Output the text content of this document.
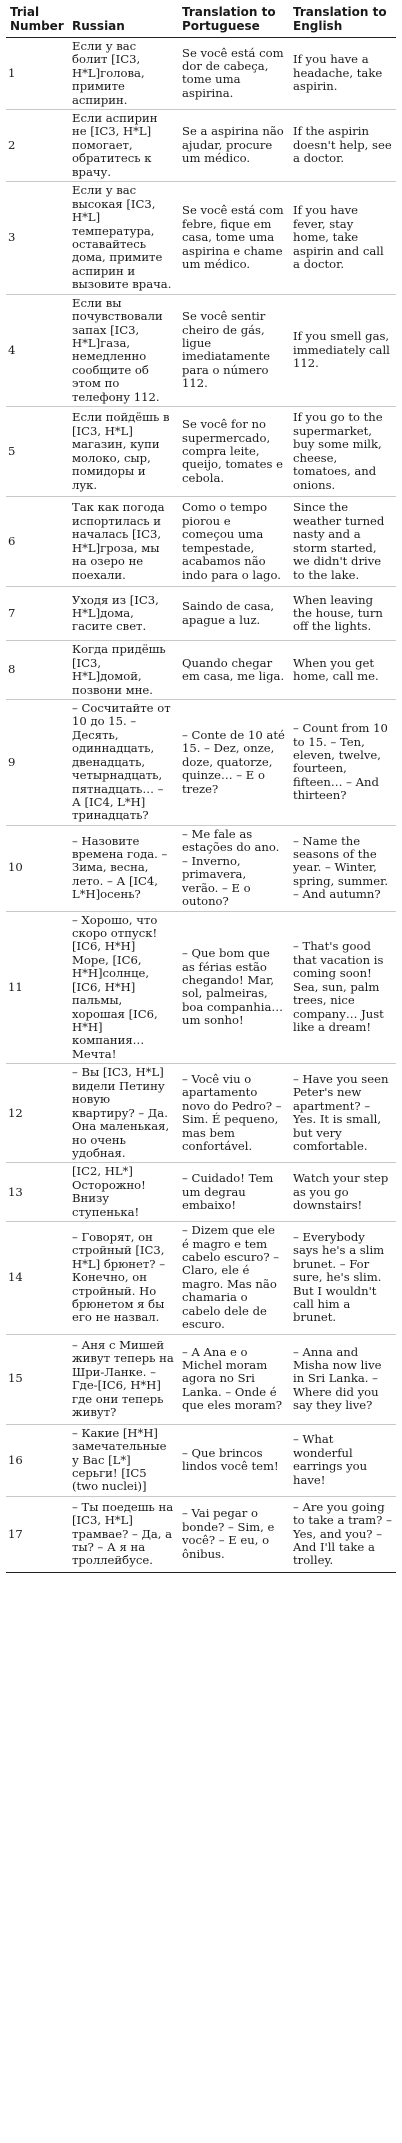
Trial Number	Russian	Translation to Portuguese	Translation to English
1	Если у вас болит [IC3, H*L]голова, примите аспирин.	Se você está com dor de cabeça, tome uma aspirina.	If you have a headache, take aspirin.
2	Если аспирин не [IC3, H*L] помогает, обратитесь к врачу.	Se a aspirina não ajudar, procure um médico.	If the aspirin doesn't help, see a doctor.
3	Если у вас высокая [IC3, H*L] температура, оставайтесь дома, примите аспирин и вызовите врача.	Se você está com febre, fique em casa, tome uma aspirina e chame um médico.	If you have fever, stay home, take aspirin and call a doctor.
4	Если вы почувствовали запах [IC3, H*L]газа, немедленно сообщите об этом по телефону 112.	Se você sentir cheiro de gás, ligue imediatamente para o número 112.	If you smell gas, immediately call 112.
5	Если пойдёшь в [IC3, H*L] магазин, купи молоко, сыр, помидоры и лук.	Se você for no supermercado, compra leite, queijo, tomates e cebola.	If you go to the supermarket, buy some milk, cheese, tomatoes, and onions.
6	Так как погода испортилась и началась [IC3, H*L]гроза, мы на озеро не поехали.	Como o tempo piorou e começou uma tempestade, acabamos não indo para o lago.	Since the weather turned nasty and a storm started, we didn't drive to the lake.
7	Уходя из [IC3, H*L]дома, гасите свет.	Saindo de casa, apague a luz.	When leaving the house, turn off the lights.
8	Когда придёшь [IC3, H*L]домой, позвони мне.	Quando chegar em casa, me liga.	When you get home, call me.
9	– Сосчитайте от 10 до 15. – Десять, одиннадцать, двенадцать, четырнадцать, пятнадцать… – А [IC4, L*H] тринадцать?	– Conte de 10 até 15. – Dez, onze, doze, quatorze, quinze… – E o treze?	– Count from 10 to 15. – Ten, eleven, twelve, fourteen, fifteen… – And thirteen?
10	– Назовите времена года. – Зима, весна, лето. – А [IC4, L*H]осень?	– Me fale as estações do ano. – Inverno, primavera, verão. – E o outono?	– Name the seasons of the year. – Winter, spring, summer. – And autumn?
11	– Хорошо, что скоро отпуск! [IC6, H*H] Море, [IC6, H*H]солнце, [IC6, H*H] пальмы, хорошая [IC6, H*H] компания… Мечта!	– Que bom que as férias estão chegando! Mar, sol, palmeiras, boa companhia… um sonho!	– That's good that vacation is coming soon! Sea, sun, palm trees, nice company… Just like a dream!
12	– Вы [IC3, H*L] видели Петину новую квартиру? – Да. Она маленькая, но очень удобная.	– Você viu o apartamento novo do Pedro? – Sim. É pequeno, mas bem confortável.	– Have you seen Peter's new apartment? – Yes. It is small, but very comfortable.
13	[IC2, HL*] Осторожно! Внизу ступенька!	– Cuidado! Tem um degrau embaixo!	Watch your step as you go downstairs!
14	– Говорят, он стройный [IC3, H*L] брюнет? – Конечно, он стройный. Но брюнетом я бы его не назвал.	– Dizem que ele é magro e tem cabelo escuro? – Claro, ele é magro. Mas não chamaria o cabelo dele de escuro.	– Everybody says he's a slim brunet. – For sure, he's slim. But I wouldn't call him a brunet.
15	– Аня с Мишей живут теперь на Шри-Ланке. – Где-[IC6, H*H] где они теперь живут?	– A Ana e o Michel moram agora no Sri Lanka. – Onde é que eles moram?	– Anna and Misha now live in Sri Lanka. – Where did you say they live?
16	– Какие [H*H] замечательные у Вас [L*] серьги! [IC5 (two nuclei)]	– Que brincos lindos você tem!	– What wonderful earrings you have!
17	– Ты поедешь на [IC3, H*L] трамвае? – Да, а ты? – А я на троллейбусе.	– Vai pegar o bonde? – Sim, e você? – E eu, o ônibus.	– Are you going to take a tram? – Yes, and you? – And I'll take a trolley.
